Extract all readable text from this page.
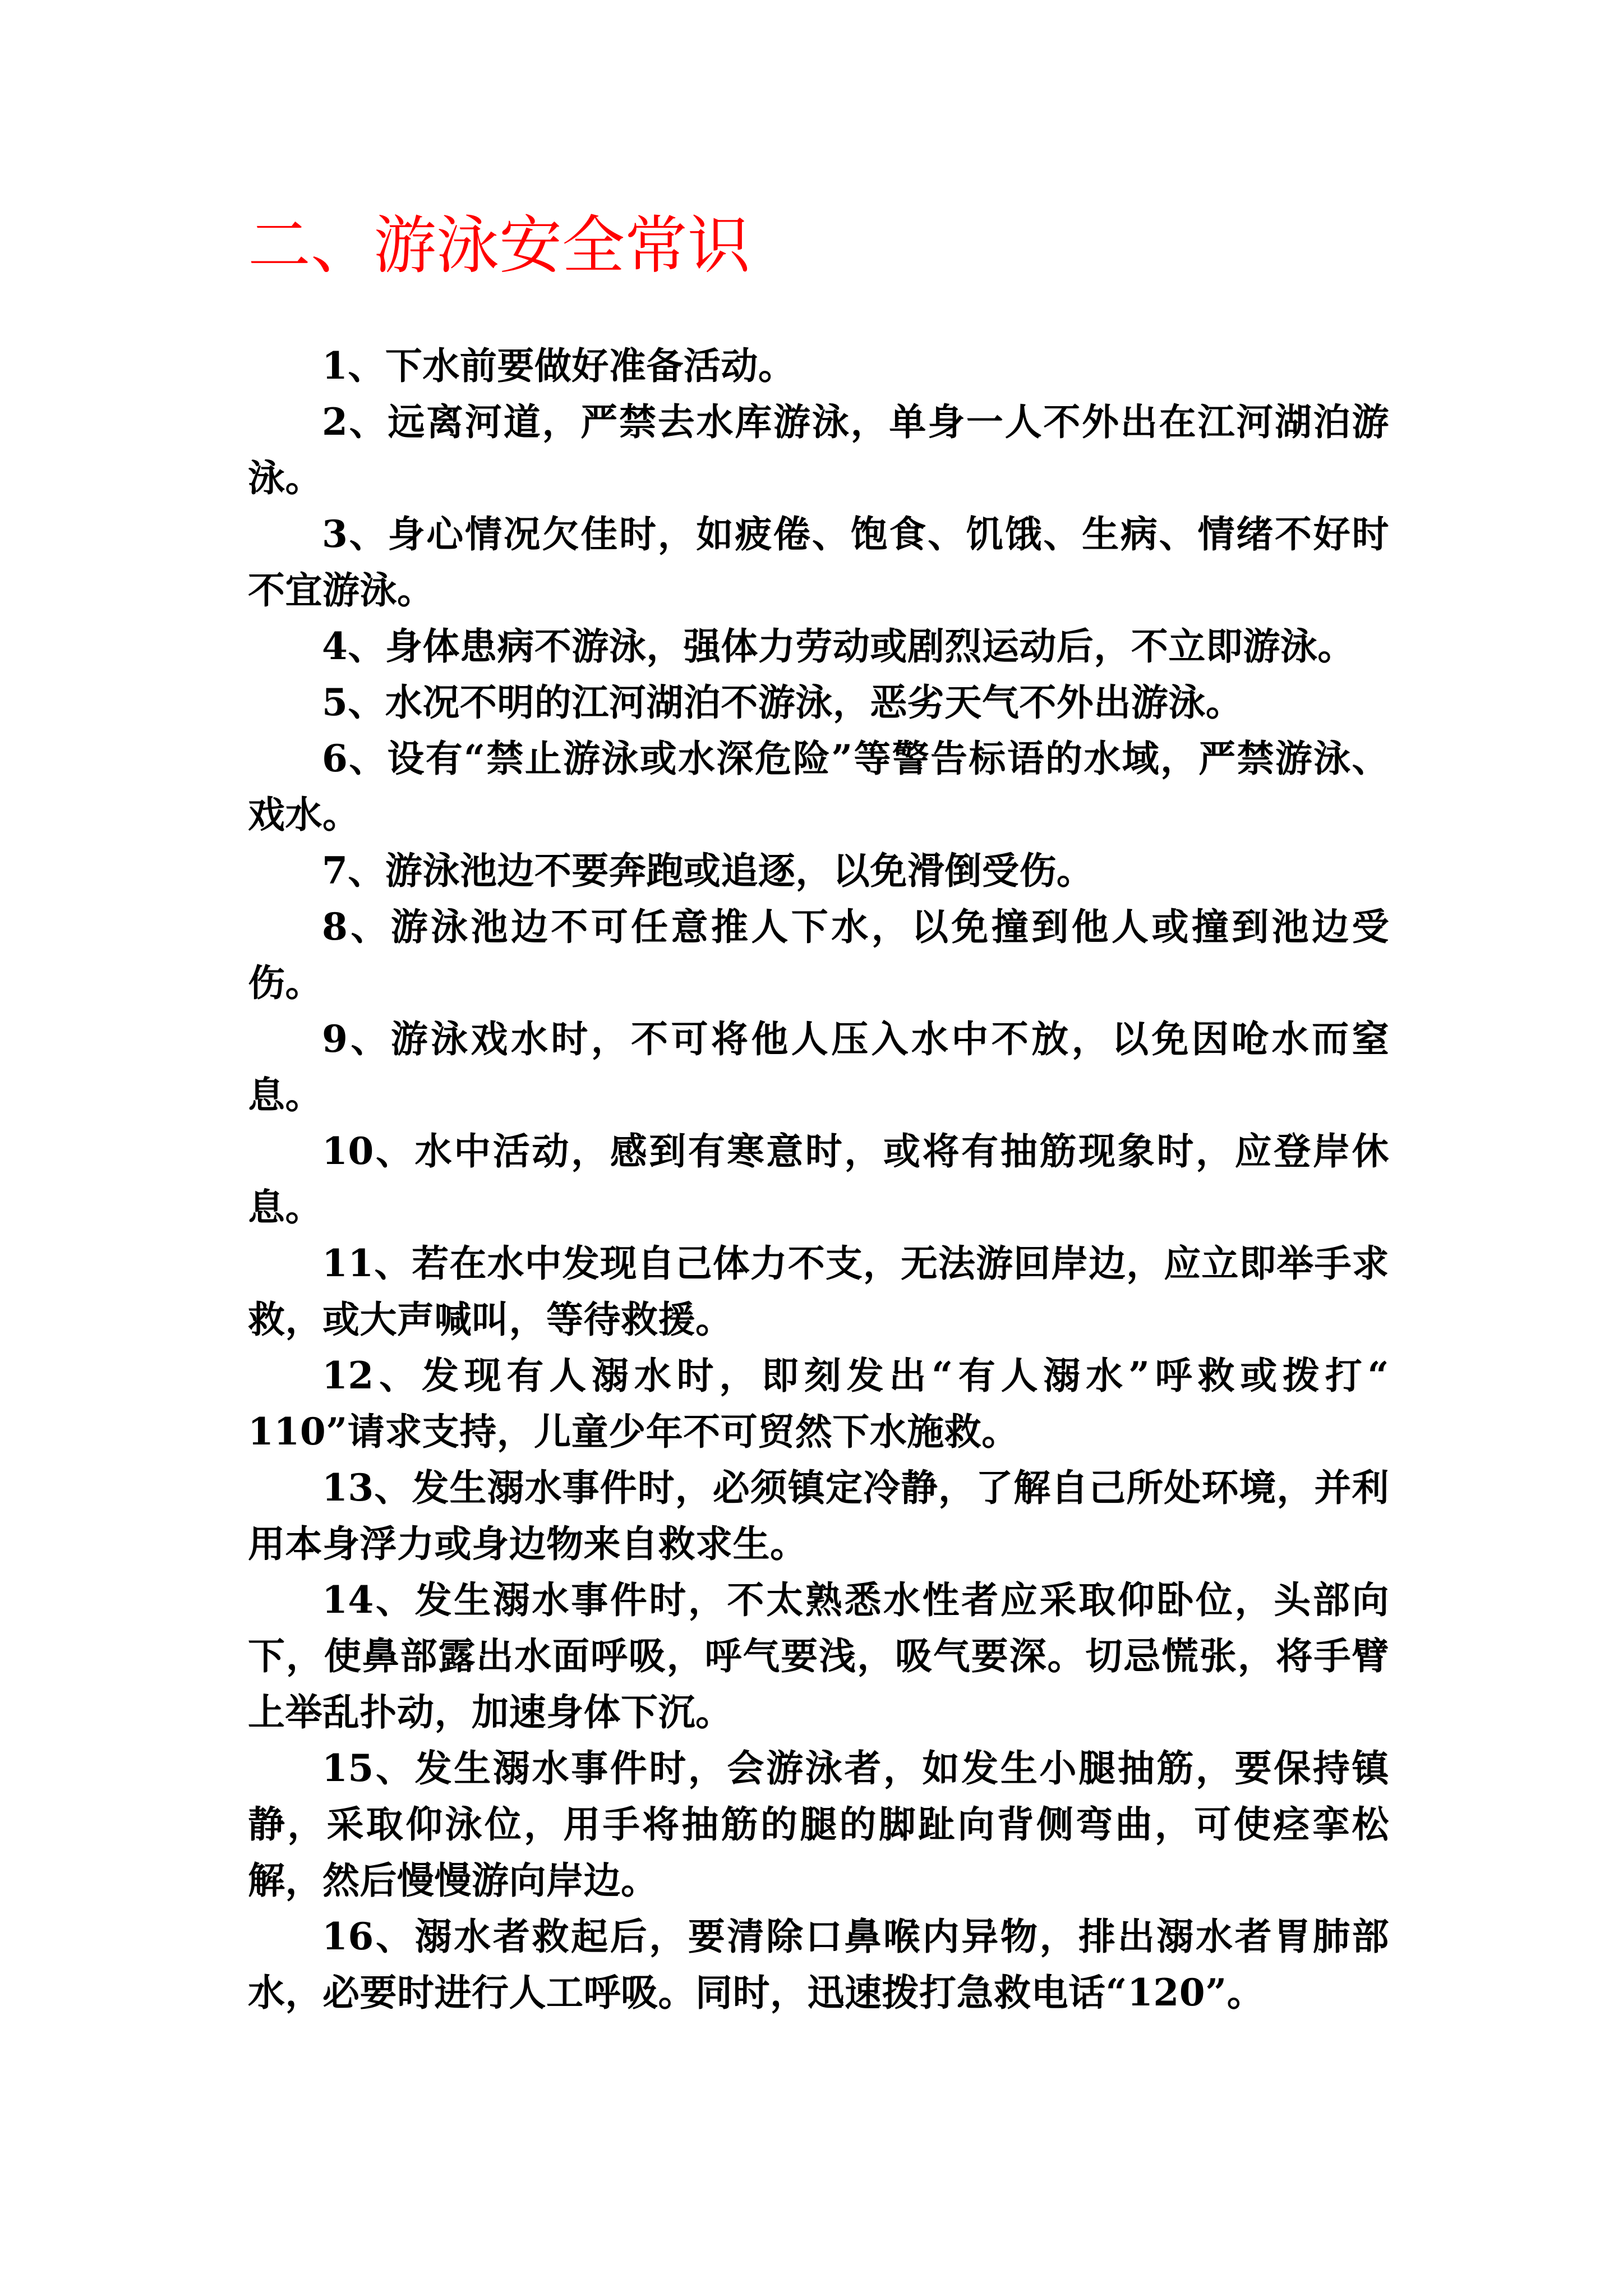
二、游泳安全常识
1、下水前要做好准备活动。
2、远离河道，严禁去水库游泳，单身一人不外出在江河湖泊游泳。
3、身心情况欠佳时，如疲倦、饱食、饥饿、生病、情绪不好时不宜游泳。
4、身体患病不游泳，强体力劳动或剧烈运动后，不立即游泳。
5、水况不明的江河湖泊不游泳，恶劣天气不外出游泳。
6、设有“禁止游泳或水深危险”等警告标语的水域，严禁游泳、戏水。
7、游泳池边不要奔跑或追逐，以免滑倒受伤。
8、游泳池边不可任意推人下水，以免撞到他人或撞到池边受伤。
9、游泳戏水时，不可将他人压入水中不放，以免因呛水而窒息。
10、水中活动，感到有寒意时，或将有抽筋现象时，应登岸休息。
11、若在水中发现自己体力不支，无法游回岸边，应立即举手求救，或大声喊叫，等待救援。
12、发现有人溺水时，即刻发出“有人溺水”呼救或拨打“ 110”请求支持，儿童少年不可贸然下水施救。
13、发生溺水事件时，必须镇定冷静，了解自己所处环境，并利用本身浮力或身边物来自救求生。
14、发生溺水事件时，不太熟悉水性者应采取仰卧位，头部向下，使鼻部露出水面呼吸，呼气要浅，吸气要深。切忌慌张，将手臂上举乱扑动，加速身体下沉。
15、发生溺水事件时，会游泳者，如发生小腿抽筋，要保持镇静，采取仰泳位，用手将抽筋的腿的脚趾向背侧弯曲，可使痉挛松解，然后慢慢游向岸边。
16、溺水者救起后，要清除口鼻喉内异物，排出溺水者胃肺部水，必要时进行人工呼吸。同时，迅速拨打急救电话“120”。
